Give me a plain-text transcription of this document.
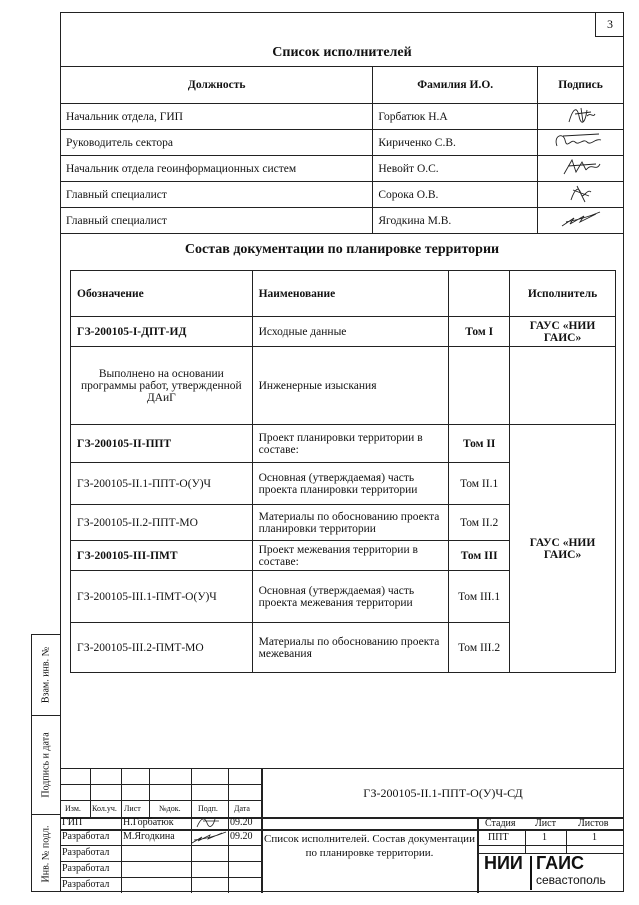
3
Взам. инв. №
Подпись и дата
Инв. № подл.
Список исполнителей
Должность	Фамилия И.О.	Подпись
Начальник отдела, ГИП	Горбатюк Н.А	
Руководитель сектора	Кириченко С.В.	
Начальник отдела геоинформационных систем	Невойт О.С.	
Главный специалист	Сорока О.В.	
Главный специалист	Ягодкина М.В.	
Состав документации по планировке территории
Обозначение	Наименование		Исполнитель
ГЗ-200105-I-ДПТ-ИД	Исходные данные	Том I	ГАУС «НИИ ГАИС»
Выполнено на основании программы работ, утвержденной ДАиГ	Инженерные изыскания		
ГЗ-200105-II-ППТ	Проект планировки территории в составе:	Том II	ГАУС «НИИ ГАИС»
ГЗ-200105-II.1-ППТ-О(У)Ч	Основная (утверждаемая) часть проекта планировки территории	Том II.1	
ГЗ-200105-II.2-ППТ-МО	Материалы по обоснованию проекта планировки территории	Том II.2	
ГЗ-200105-III-ПМТ	Проект межевания территории в составе:	Том III	
ГЗ-200105-III.1-ПМТ-О(У)Ч	Основная (утверждаемая) часть проекта межевания территории	Том III.1	
ГЗ-200105-III.2-ПМТ-МО	Материалы по обоснованию проекта межевания	Том III.2	
ГЗ-200105-II.1-ППТ-О(У)Ч-СД
Изм. Кол.уч. Лист №док. Подп. Дата
ГИП	Н.Горбатюк	09.20
Разработал М.Ягодкина	09.20
Разработал
Разработал
Разработал
Список исполнителей. Состав документации по планировке территории.
Стадия Лист Листов
ППТ	1	1
НИИ ГАИС
севастополь
